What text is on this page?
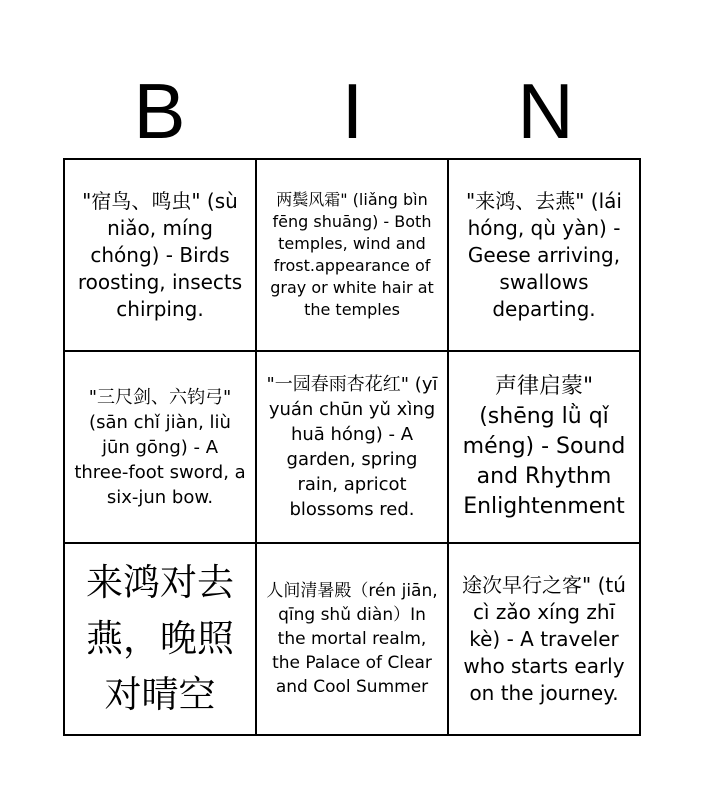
B	I	N
"宿鸟、鸣虫" (sù niǎo, míng chóng) - Birds roosting, insects chirping.
两鬓风霜" (liǎng bìn fēng shuāng) - Both temples, wind and frost.appearance of gray or white hair at the temples
"来鸿、去燕" (lái hóng, qù yàn) - Geese arriving, swallows departing.
"三尺剑、六钧弓" (sān chǐ jiàn, liù jūn gōng) - A three-foot sword, a six-jun bow.
"一园春雨杏花红" (yī yuán chūn yǔ xìng huā hóng) - A garden, spring rain, apricot blossoms red.
声律启蒙" (shēng lǜ qǐ méng) - Sound and Rhythm Enlightenment
来鸿对去燕，晚照对晴空
人间清暑殿（rén jiān, qīng shǔ diàn）In the mortal realm, the Palace of Clear and Cool Summer
途次早行之客" (tú cì zǎo xíng zhī kè) - A traveler who starts early on the journey.
